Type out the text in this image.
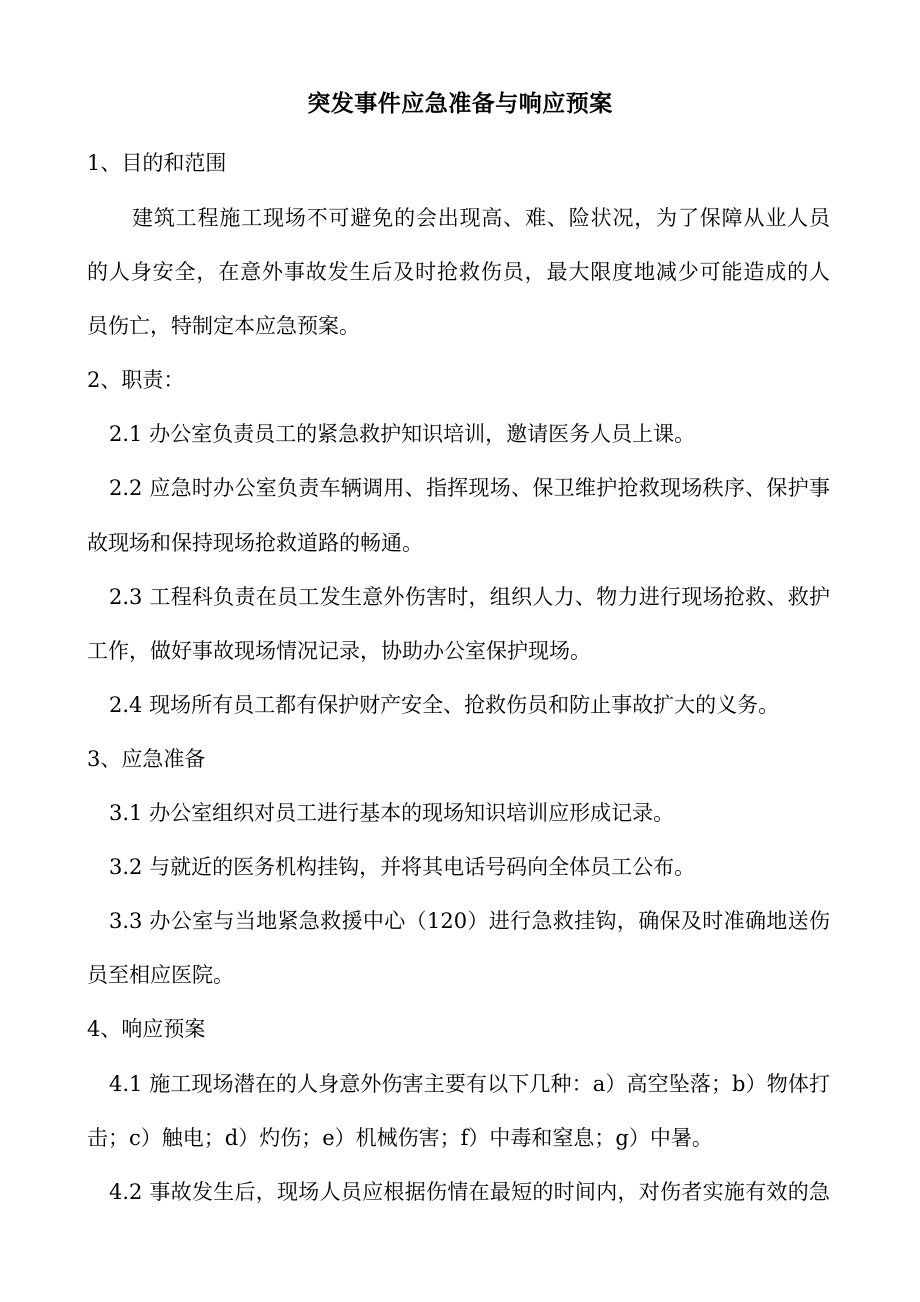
突发事件应急准备与响应预案
1、目的和范围
建筑工程施工现场不可避免的会出现高、难、险状况，为了保障从业人员
的人身安全，在意外事故发生后及时抢救伤员，最大限度地减少可能造成的人
员伤亡，特制定本应急预案。
2、职责：
2.1 办公室负责员工的紧急救护知识培训，邀请医务人员上课。
2.2 应急时办公室负责车辆调用、指挥现场、保卫维护抢救现场秩序、保护事
故现场和保持现场抢救道路的畅通。
2.3 工程科负责在员工发生意外伤害时，组织人力、物力进行现场抢救、救护
工作，做好事故现场情况记录，协助办公室保护现场。
2.4 现场所有员工都有保护财产安全、抢救伤员和防止事故扩大的义务。
3、应急准备
3.1 办公室组织对员工进行基本的现场知识培训应形成记录。
3.2 与就近的医务机构挂钩，并将其电话号码向全体员工公布。
3.3 办公室与当地紧急救援中心（120）进行急救挂钩，确保及时准确地送伤
员至相应医院。
4、响应预案
4.1 施工现场潜在的人身意外伤害主要有以下几种：a）高空坠落；b）物体打
击；c）触电；d）灼伤；e）机械伤害；f）中毒和窒息；g）中暑。
4.2 事故发生后，现场人员应根据伤情在最短的时间内，对伤者实施有效的急
